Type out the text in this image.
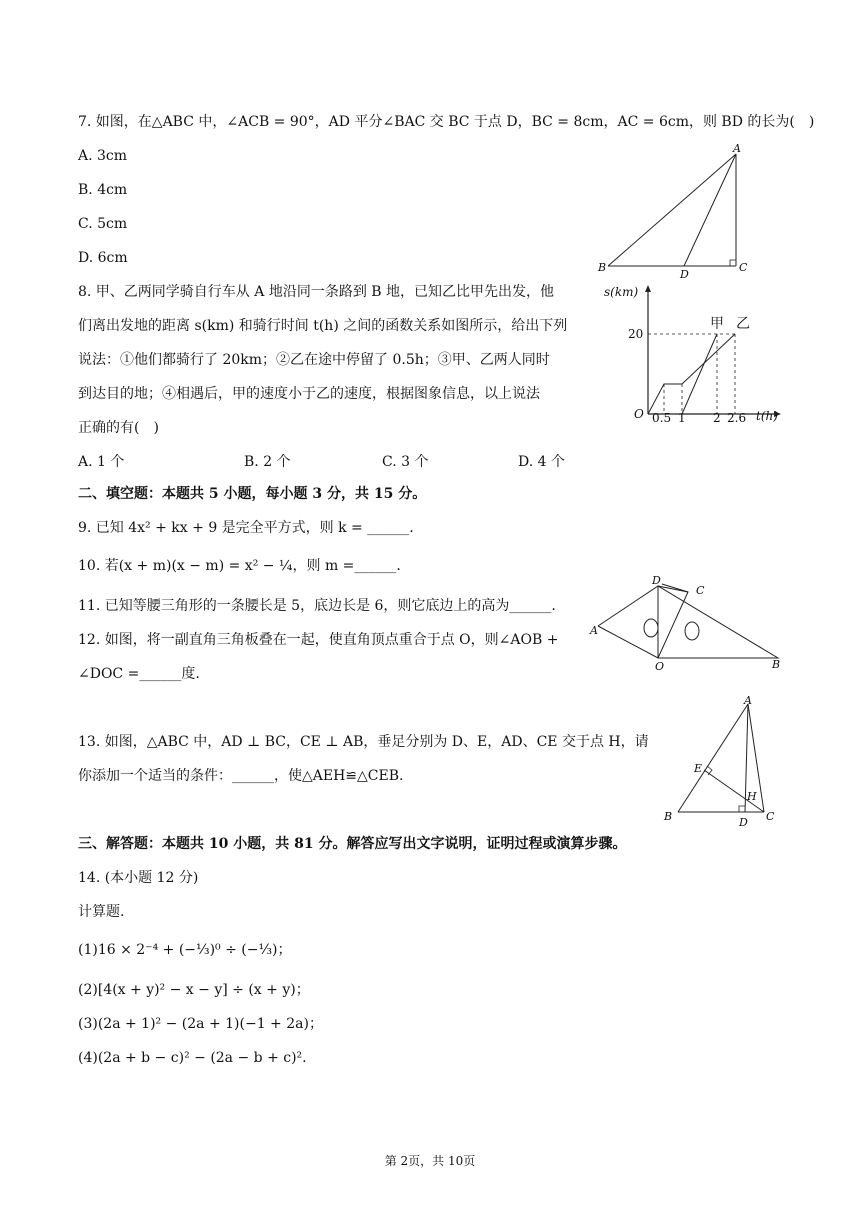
7. 如图，在△ABC 中，∠ACB = 90°，AD 平分∠BAC 交 BC 于点 D，BC = 8cm，AC = 6cm，则 BD 的长为(　)
A. 3cm
B. 4cm
C. 5cm
D. 6cm
A
B	C
D
8. 甲、乙两同学骑自行车从 A 地沿同一条路到 B 地，已知乙比甲先出发，他
们离出发地的距离 s(km) 和骑行时间 t(h) 之间的函数关系如图所示，给出下列
说法：①他们都骑行了 20km；②乙在途中停留了 0.5h；③甲、乙两人同时
到达目的地；④相遇后，甲的速度小于乙的速度，根据图象信息，以上说法
正确的有(　)
A. 1 个	B. 2 个	C. 3 个	D. 4 个
s(km)
t(h)
O
20
0.5 1 2 2.6
甲 乙
二、填空题：本题共 5 小题，每小题 3 分，共 15 分。
9. 已知 4x² + kx + 9 是完全平方式，则 k = ______.
10. 若(x + m)(x − m) = x² − ¼，则 m =______.
11. 已知等腰三角形的一条腰长是 5，底边长是 6，则它底边上的高为______.
12. 如图，将一副直角三角板叠在一起，使直角顶点重合于点 O，则∠AOB +
∠DOC =______度.
A
B
C
D
O
13. 如图，△ABC 中，AD ⊥ BC，CE ⊥ AB，垂足分别为 D、E，AD、CE 交于点 H，请
你添加一个适当的条件：______，使△AEH≌△CEB.
A
B	C
D
E
H
三、解答题：本题共 10 小题，共 81 分。解答应写出文字说明，证明过程或演算步骤。
14. (本小题 12 分)
计算题.
(1)16 × 2⁻⁴ + (−⅓)⁰ ÷ (−⅓)；
(2)[4(x + y)² − x − y] ÷ (x + y)；
(3)(2a + 1)² − (2a + 1)(−1 + 2a)；
(4)(2a + b − c)² − (2a − b + c)².
第 2页，共 10页
